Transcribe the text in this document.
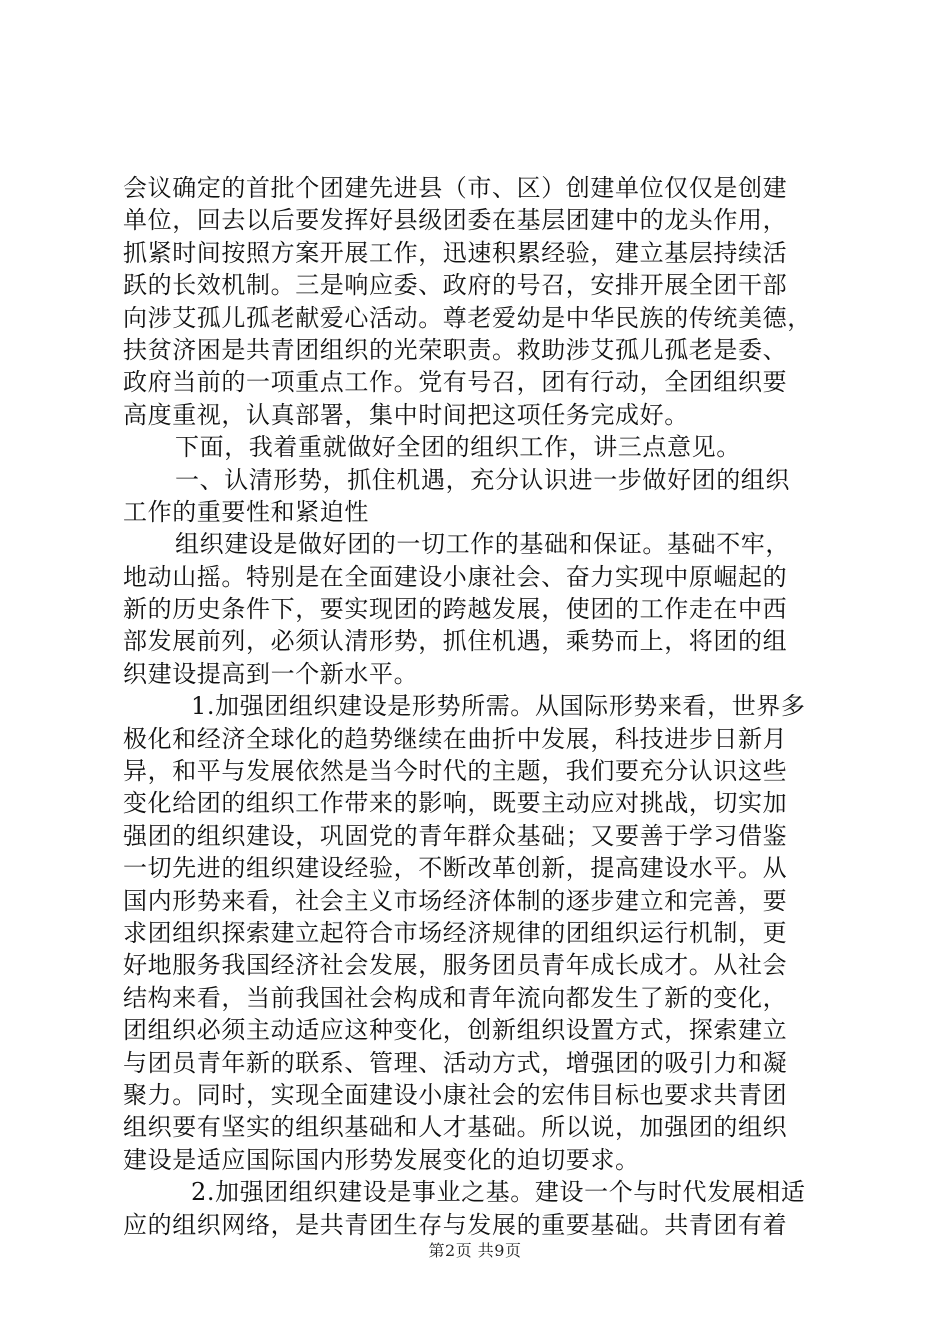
会议确定的首批个团建先进县（市、区）创建单位仅仅是创建
单位，回去以后要发挥好县级团委在基层团建中的龙头作用，
抓紧时间按照方案开展工作，迅速积累经验，建立基层持续活
跃的长效机制。三是响应委、政府的号召，安排开展全团干部
向涉艾孤儿孤老献爱心活动。尊老爱幼是中华民族的传统美德，
扶贫济困是共青团组织的光荣职责。救助涉艾孤儿孤老是委、
政府当前的一项重点工作。党有号召，团有行动，全团组织要
高度重视，认真部署，集中时间把这项任务完成好。
下面，我着重就做好全团的组织工作，讲三点意见。
一、认清形势，抓住机遇，充分认识进一步做好团的组织
工作的重要性和紧迫性
组织建设是做好团的一切工作的基础和保证。基础不牢，
地动山摇。特别是在全面建设小康社会、奋力实现中原崛起的
新的历史条件下，要实现团的跨越发展，使团的工作走在中西
部发展前列，必须认清形势，抓住机遇，乘势而上，将团的组
织建设提高到一个新水平。
1.加强团组织建设是形势所需。从国际形势来看，世界多
极化和经济全球化的趋势继续在曲折中发展，科技进步日新月
异，和平与发展依然是当今时代的主题，我们要充分认识这些
变化给团的组织工作带来的影响，既要主动应对挑战，切实加
强团的组织建设，巩固党的青年群众基础；又要善于学习借鉴
一切先进的组织建设经验，不断改革创新，提高建设水平。从
国内形势来看，社会主义市场经济体制的逐步建立和完善，要
求团组织探索建立起符合市场经济规律的团组织运行机制，更
好地服务我国经济社会发展，服务团员青年成长成才。从社会
结构来看，当前我国社会构成和青年流向都发生了新的变化，
团组织必须主动适应这种变化，创新组织设置方式，探索建立
与团员青年新的联系、管理、活动方式，增强团的吸引力和凝
聚力。同时，实现全面建设小康社会的宏伟目标也要求共青团
组织要有坚实的组织基础和人才基础。所以说，加强团的组织
建设是适应国际国内形势发展变化的迫切要求。
2.加强团组织建设是事业之基。建设一个与时代发展相适
应的组织网络，是共青团生存与发展的重要基础。共青团有着
第2页 共9页
